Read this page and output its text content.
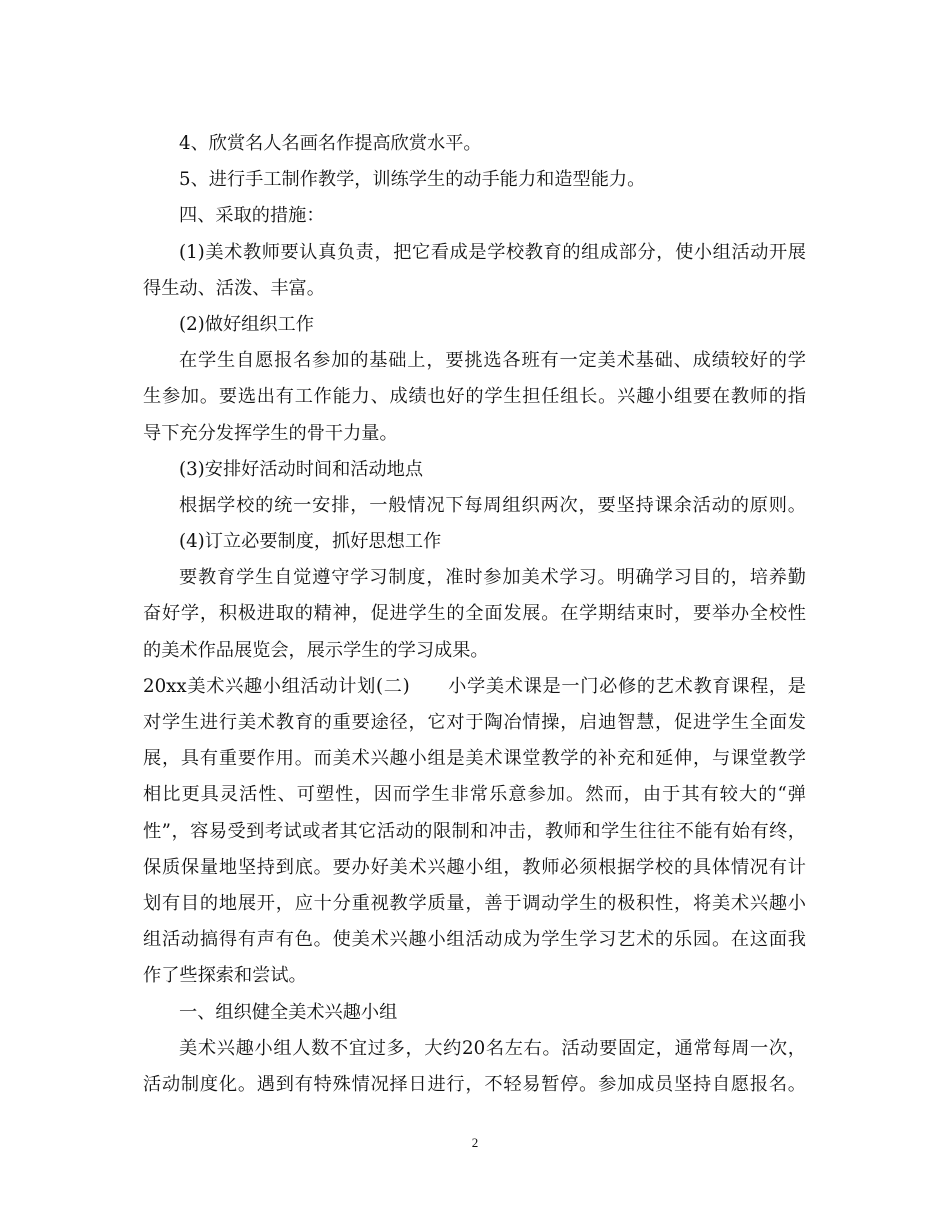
4、欣赏名人名画名作提高欣赏水平。
5、进行手工制作教学，训练学生的动手能力和造型能力。
四、采取的措施：
(1)美术教师要认真负责，把它看成是学校教育的组成部分，使小组活动开展
得生动、活泼、丰富。
(2)做好组织工作
在学生自愿报名参加的基础上，要挑选各班有一定美术基础、成绩较好的学
生参加。要选出有工作能力、成绩也好的学生担任组长。兴趣小组要在教师的指
导下充分发挥学生的骨干力量。
(3)安排好活动时间和活动地点
根据学校的统一安排，一般情况下每周组织两次，要坚持课余活动的原则。
(4)订立必要制度，抓好思想工作
要教育学生自觉遵守学习制度，准时参加美术学习。明确学习目的，培养勤
奋好学，积极进取的精神，促进学生的全面发展。在学期结束时，要举办全校性
的美术作品展览会，展示学生的学习成果。
20xx美术兴趣小组活动计划(二)　　小学美术课是一门必修的艺术教育课程，是
对学生进行美术教育的重要途径，它对于陶冶情操，启迪智慧，促进学生全面发
展，具有重要作用。而美术兴趣小组是美术课堂教学的补充和延伸，与课堂教学
相比更具灵活性、可塑性，因而学生非常乐意参加。然而，由于其有较大的“弹
性”，容易受到考试或者其它活动的限制和冲击，教师和学生往往不能有始有终，
保质保量地坚持到底。要办好美术兴趣小组，教师必须根据学校的具体情况有计
划有目的地展开，应十分重视教学质量，善于调动学生的极积性，将美术兴趣小
组活动搞得有声有色。使美术兴趣小组活动成为学生学习艺术的乐园。在这面我
作了些探索和尝试。
一、组织健全美术兴趣小组
美术兴趣小组人数不宜过多，大约20名左右。活动要固定，通常每周一次，
活动制度化。遇到有特殊情况择日进行，不轻易暂停。参加成员坚持自愿报名。
2
